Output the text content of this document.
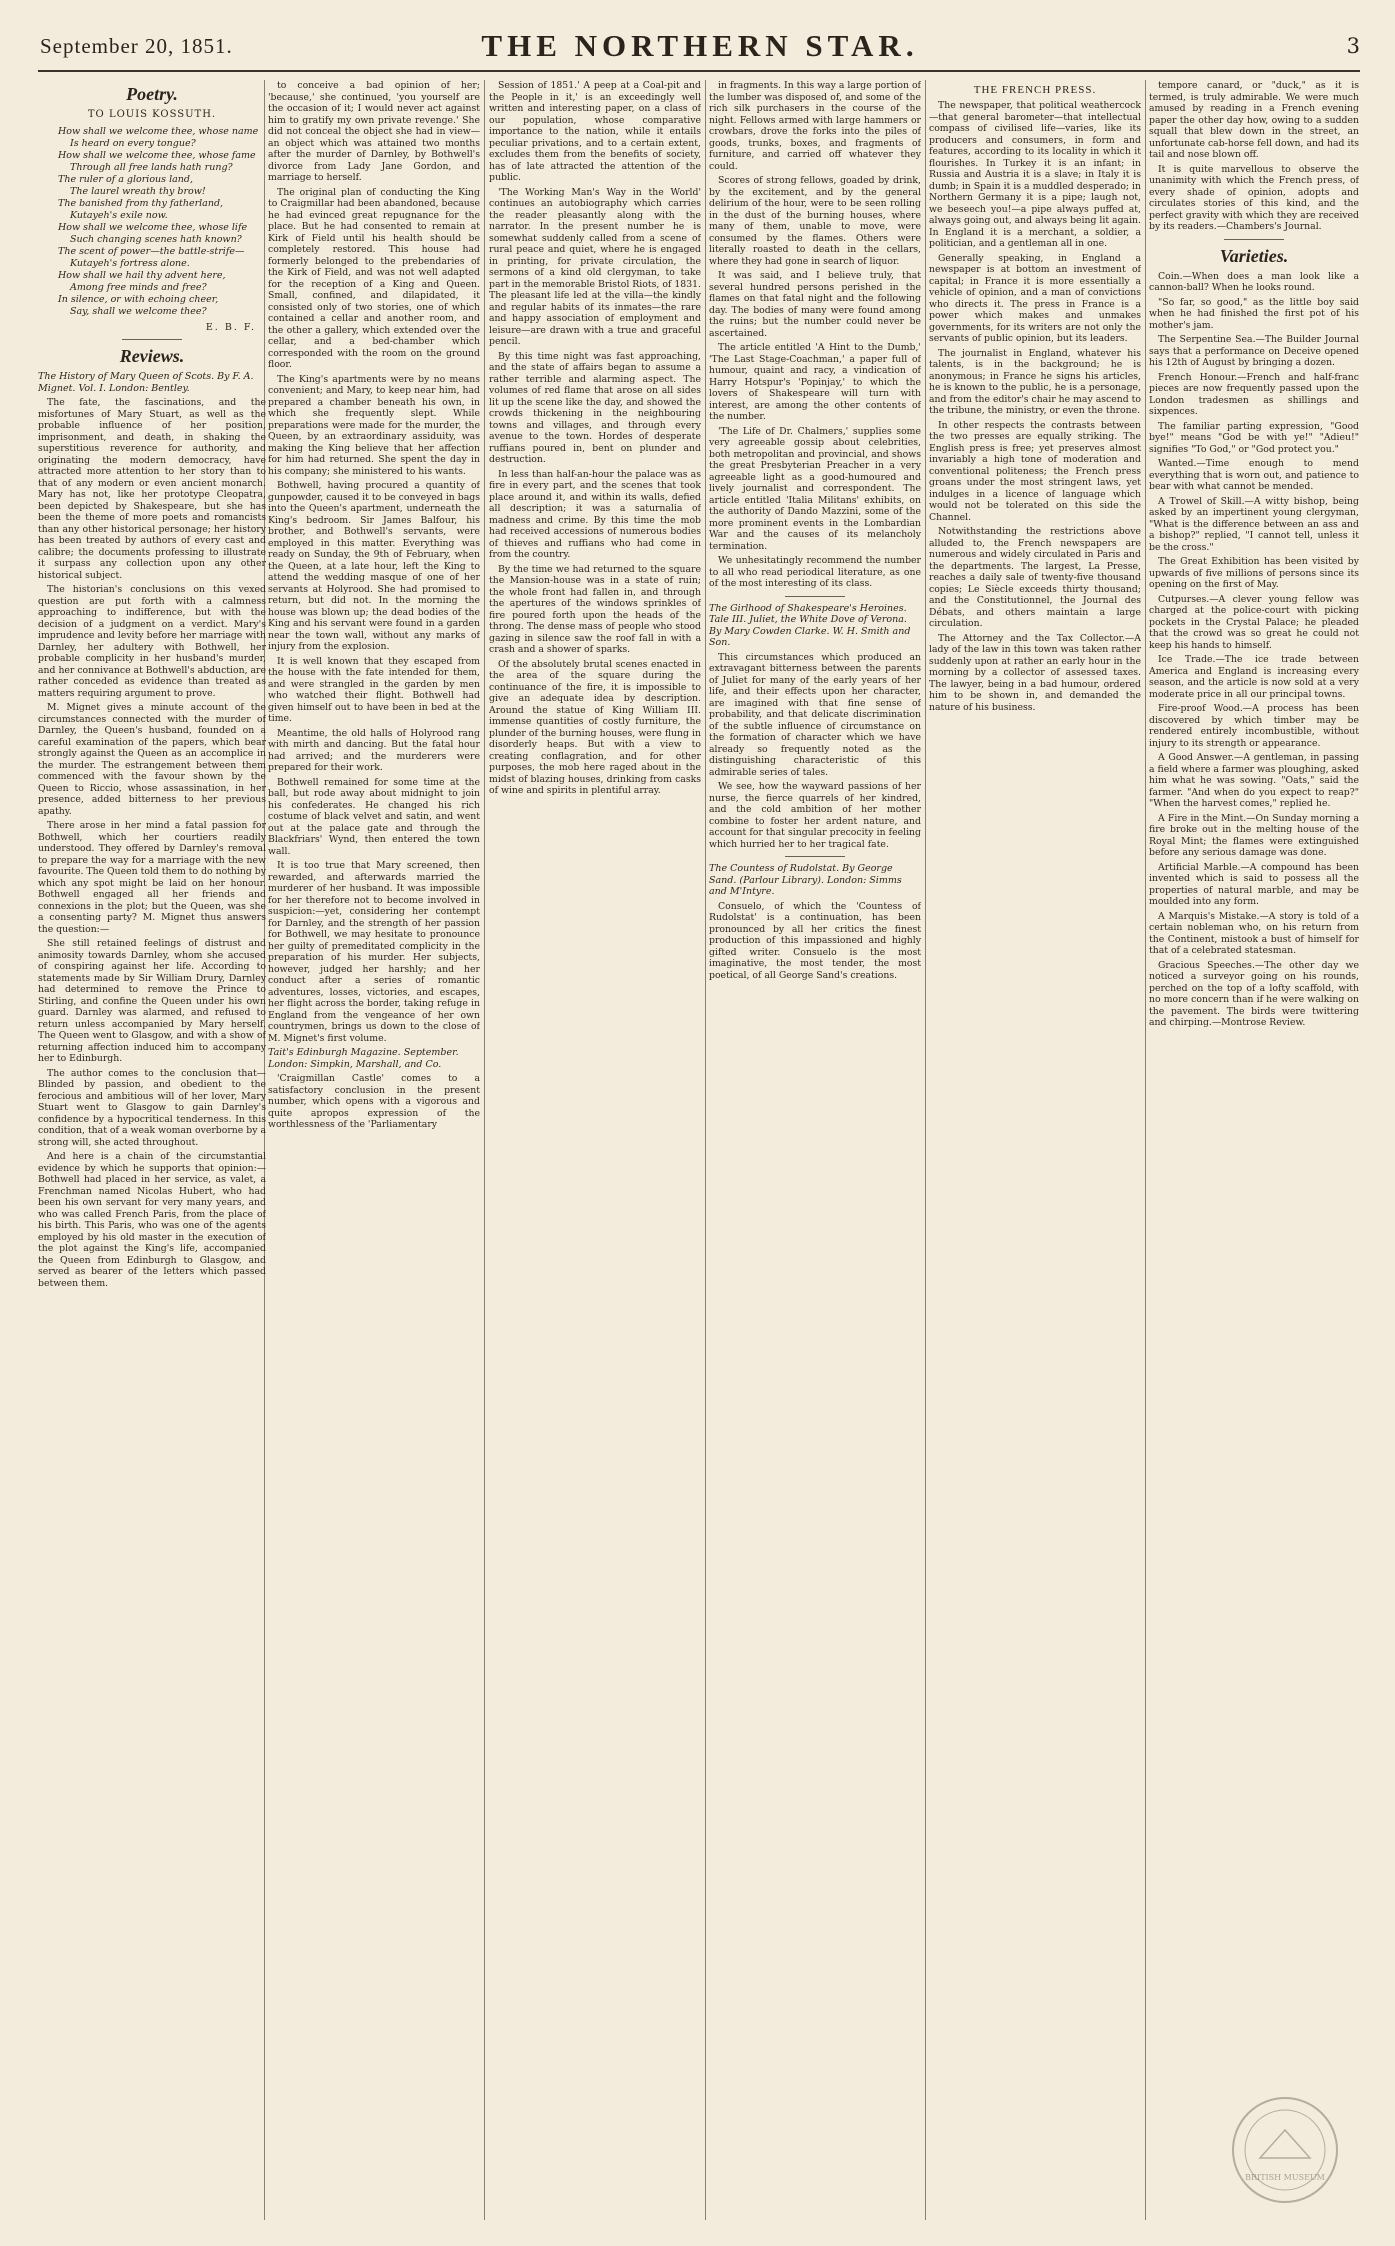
September 20, 1851.	THE NORTHERN STAR.	3
Poetry.
TO LOUIS KOSSUTH.
How shall we welcome thee, whose name
Is heard on every tongue?
How shall we welcome thee, whose fame
Through all free lands hath rung?
The ruler of a glorious land,
The laurel wreath thy brow!
The banished from thy fatherland,
Kutayeh's exile now.
How shall we welcome thee, whose life
Such changing scenes hath known?
The scent of power—the battle-strife—
Kutayeh's fortress alone.
How shall we hail thy advent here,
Among free minds and free?
In silence, or with echoing cheer,
Say, shall we welcome thee?
E. B. F.
Reviews.

The History of Mary Queen of Scots. By F. A. Mignet. Vol. I. London: Bentley.

The fate, the fascinations, and the misfortunes of Mary Stuart, as well as the probable influence of her position, imprisonment, and death, in shaking the superstitious reverence for authority, and originating the modern democracy, have attracted more attention to her story than to that of any modern or even ancient monarch. Mary has not, like her prototype Cleopatra, been depicted by Shakespeare, but she has been the theme of more poets and romancists than any other historical personage; her history has been treated by authors of every cast and calibre; the documents professing to illustrate it surpass any collection upon any other historical subject.

The historian's conclusions on this vexed question are put forth with a calmness approaching to indifference, but with the decision of a judgment on a verdict. Mary's imprudence and levity before her marriage with Darnley, her adultery with Bothwell, her probable complicity in her husband's murder, and her connivance at Bothwell's abduction, are rather conceded as evidence than treated as matters requiring argument to prove.

M. Mignet gives a minute account of the circumstances connected with the murder of Darnley, the Queen's husband, founded on a careful examination of the papers, which bear strongly against the Queen as an accomplice in the murder. The estrangement between them commenced with the favour shown by the Queen to Riccio, whose assassination, in her presence, added bitterness to her previous apathy.

There arose in her mind a fatal passion for Bothwell, which her courtiers readily understood. They offered by Darnley's removal to prepare the way for a marriage with the new favourite. The Queen told them to do nothing by which any spot might be laid on her honour. Bothwell engaged all her friends and connexions in the plot; but the Queen, was she a consenting party? M. Mignet thus answers the question:—

She still retained feelings of distrust and animosity towards Darnley, whom she accused of conspiring against her life. According to statements made by Sir William Drury, Darnley had determined to remove the Prince to Stirling, and confine the Queen under his own guard. Darnley was alarmed, and refused to return unless accompanied by Mary herself. The Queen went to Glasgow, and with a show of returning affection induced him to accompany her to Edinburgh.

The author comes to the conclusion that—Blinded by passion, and obedient to the ferocious and ambitious will of her lover, Mary Stuart went to Glasgow to gain Darnley's confidence by a hypocritical tenderness. In this condition, that of a weak woman overborne by a strong will, she acted throughout.

And here is a chain of the circumstantial evidence by which he supports that opinion:—Bothwell had placed in her service, as valet, a Frenchman named Nicolas Hubert, who had been his own servant for very many years, and who was called French Paris, from the place of his birth. This Paris, who was one of the agents employed by his old master in the execution of the plot against the King's life, accompanied the Queen from Edinburgh to Glasgow, and served as bearer of the letters which passed between them.

to conceive a bad opinion of her; 'because,' she continued, 'you yourself are the occasion of it; I would never act against him to gratify my own private revenge.' She did not conceal the object she had in view—an object which was attained two months after the murder of Darnley, by Bothwell's divorce from Lady Jane Gordon, and marriage to herself.

The original plan of conducting the King to Craigmillar had been abandoned, because he had evinced great repugnance for the place. But he had consented to remain at Kirk of Field until his health should be completely restored. This house had formerly belonged to the prebendaries of the Kirk of Field, and was not well adapted for the reception of a King and Queen. Small, confined, and dilapidated, it consisted only of two stories, one of which contained a cellar and another room, and the other a gallery, which extended over the cellar, and a bed-chamber which corresponded with the room on the ground floor.

The King's apartments were by no means convenient; and Mary, to keep near him, had prepared a chamber beneath his own, in which she frequently slept. While preparations were made for the murder, the Queen, by an extraordinary assiduity, was making the King believe that her affection for him had returned. She spent the day in his company; she ministered to his wants.

Bothwell, having procured a quantity of gunpowder, caused it to be conveyed in bags into the Queen's apartment, underneath the King's bedroom. Sir James Balfour, his brother, and Bothwell's servants, were employed in this matter. Everything was ready on Sunday, the 9th of February, when the Queen, at a late hour, left the King to attend the wedding masque of one of her servants at Holyrood. She had promised to return, but did not. In the morning the house was blown up; the dead bodies of the King and his servant were found in a garden near the town wall, without any marks of injury from the explosion.

It is well known that they escaped from the house with the fate intended for them, and were strangled in the garden by men who watched their flight. Bothwell had given himself out to have been in bed at the time.

Meantime, the old halls of Holyrood rang with mirth and dancing. But the fatal hour had arrived; and the murderers were prepared for their work.

Bothwell remained for some time at the ball, but rode away about midnight to join his confederates. He changed his rich costume of black velvet and satin, and went out at the palace gate and through the Blackfriars' Wynd, then entered the town wall.

It is too true that Mary screened, then rewarded, and afterwards married the murderer of her husband. It was impossible for her therefore not to become involved in suspicion:—yet, considering her contempt for Darnley, and the strength of her passion for Bothwell, we may hesitate to pronounce her guilty of premeditated complicity in the preparation of his murder. Her subjects, however, judged her harshly; and her conduct after a series of romantic adventures, losses, victories, and escapes, her flight across the border, taking refuge in England from the vengeance of her own countrymen, brings us down to the close of M. Mignet's first volume.

Tait's Edinburgh Magazine. September. London: Simpkin, Marshall, and Co.

'Craigmillan Castle' comes to a satisfactory conclusion in the present number, which opens with a vigorous and quite apropos expression of the worthlessness of the 'Parliamentary

Session of 1851.' A peep at a Coal-pit and the People in it,' is an exceedingly well written and interesting paper, on a class of our population, whose comparative importance to the nation, while it entails peculiar privations, and to a certain extent, excludes them from the benefits of society, has of late attracted the attention of the public.

'The Working Man's Way in the World' continues an autobiography which carries the reader pleasantly along with the narrator. In the present number he is somewhat suddenly called from a scene of rural peace and quiet, where he is engaged in printing, for private circulation, the sermons of a kind old clergyman, to take part in the memorable Bristol Riots, of 1831. The pleasant life led at the villa—the kindly and regular habits of its inmates—the rare and happy association of employment and leisure—are drawn with a true and graceful pencil.

By this time night was fast approaching, and the state of affairs began to assume a rather terrible and alarming aspect. The volumes of red flame that arose on all sides lit up the scene like the day, and showed the crowds thickening in the neighbouring towns and villages, and through every avenue to the town. Hordes of desperate ruffians poured in, bent on plunder and destruction.

In less than half-an-hour the palace was as fire in every part, and the scenes that took place around it, and within its walls, defied all description; it was a saturnalia of madness and crime. By this time the mob had received accessions of numerous bodies of thieves and ruffians who had come in from the country.

By the time we had returned to the square the Mansion-house was in a state of ruin; the whole front had fallen in, and through the apertures of the windows sprinkles of fire poured forth upon the heads of the throng. The dense mass of people who stood gazing in silence saw the roof fall in with a crash and a shower of sparks.

Of the absolutely brutal scenes enacted in the area of the square during the continuance of the fire, it is impossible to give an adequate idea by description. Around the statue of King William III. immense quantities of costly furniture, the plunder of the burning houses, were flung in disorderly heaps. But with a view to creating conflagration, and for other purposes, the mob here raged about in the midst of blazing houses, drinking from casks of wine and spirits in plentiful array.

in fragments. In this way a large portion of the lumber was disposed of, and some of the rich silk purchasers in the course of the night. Fellows armed with large hammers or crowbars, drove the forks into the piles of goods, trunks, boxes, and fragments of furniture, and carried off whatever they could.

Scores of strong fellows, goaded by drink, by the excitement, and by the general delirium of the hour, were to be seen rolling in the dust of the burning houses, where many of them, unable to move, were consumed by the flames. Others were literally roasted to death in the cellars, where they had gone in search of liquor.

It was said, and I believe truly, that several hundred persons perished in the flames on that fatal night and the following day. The bodies of many were found among the ruins; but the number could never be ascertained.

The article entitled 'A Hint to the Dumb,' 'The Last Stage-Coachman,' a paper full of humour, quaint and racy, a vindication of Harry Hotspur's 'Popinjay,' to which the lovers of Shakespeare will turn with interest, are among the other contents of the number.

'The Life of Dr. Chalmers,' supplies some very agreeable gossip about celebrities, both metropolitan and provincial, and shows the great Presbyterian Preacher in a very agreeable light as a good-humoured and lively journalist and correspondent. The article entitled 'Italia Militans' exhibits, on the authority of Dando Mazzini, some of the more prominent events in the Lombardian War and the causes of its melancholy termination.

We unhesitatingly recommend the number to all who read periodical literature, as one of the most interesting of its class.

The Girlhood of Shakespeare's Heroines. Tale III. Juliet, the White Dove of Verona. By Mary Cowden Clarke. W. H. Smith and Son.

This circumstances which produced an extravagant bitterness between the parents of Juliet for many of the early years of her life, and their effects upon her character, are imagined with that fine sense of probability, and that delicate discrimination of the subtle influence of circumstance on the formation of character which we have already so frequently noted as the distinguishing characteristic of this admirable series of tales.

We see, how the wayward passions of her nurse, the fierce quarrels of her kindred, and the cold ambition of her mother combine to foster her ardent nature, and account for that singular precocity in feeling which hurried her to her tragical fate.

The Countess of Rudolstat. By George Sand. (Parlour Library). London: Simms and M'Intyre.

Consuelo, of which the 'Countess of Rudolstat' is a continuation, has been pronounced by all her critics the finest production of this impassioned and highly gifted writer. Consuelo is the most imaginative, the most tender, the most poetical, of all George Sand's creations.

THE FRENCH PRESS.

The newspaper, that political weathercock—that general barometer—that intellectual compass of civilised life—varies, like its producers and consumers, in form and features, according to its locality in which it flourishes. In Turkey it is an infant; in Russia and Austria it is a slave; in Italy it is dumb; in Spain it is a muddled desperado; in Northern Germany it is a pipe; laugh not, we beseech you!—a pipe always puffed at, always going out, and always being lit again. In England it is a merchant, a soldier, a politician, and a gentleman all in one.

Generally speaking, in England a newspaper is at bottom an investment of capital; in France it is more essentially a vehicle of opinion, and a man of convictions who directs it. The press in France is a power which makes and unmakes governments, for its writers are not only the servants of public opinion, but its leaders.

The journalist in England, whatever his talents, is in the background; he is anonymous; in France he signs his articles, he is known to the public, he is a personage, and from the editor's chair he may ascend to the tribune, the ministry, or even the throne.

In other respects the contrasts between the two presses are equally striking. The English press is free; yet preserves almost invariably a high tone of moderation and conventional politeness; the French press groans under the most stringent laws, yet indulges in a licence of language which would not be tolerated on this side the Channel.

Notwithstanding the restrictions above alluded to, the French newspapers are numerous and widely circulated in Paris and the departments. The largest, La Presse, reaches a daily sale of twenty-five thousand copies; Le Siècle exceeds thirty thousand; and the Constitutionnel, the Journal des Débats, and others maintain a large circulation.

The Attorney and the Tax Collector.—A lady of the law in this town was taken rather suddenly upon at rather an early hour in the morning by a collector of assessed taxes. The lawyer, being in a bad humour, ordered him to be shown in, and demanded the nature of his business.

tempore canard, or "duck," as it is termed, is truly admirable. We were much amused by reading in a French evening paper the other day how, owing to a sudden squall that blew down in the street, an unfortunate cab-horse fell down, and had its tail and nose blown off.

It is quite marvellous to observe the unanimity with which the French press, of every shade of opinion, adopts and circulates stories of this kind, and the perfect gravity with which they are received by its readers.—Chambers's Journal.

Varieties.

Coin.—When does a man look like a cannon-ball? When he looks round.

"So far, so good," as the little boy said when he had finished the first pot of his mother's jam.

The Serpentine Sea.—The Builder Journal says that a performance on Deceive opened his 12th of August by bringing a dozen.

French Honour.—French and half-franc pieces are now frequently passed upon the London tradesmen as shillings and sixpences.

The familiar parting expression, "Good bye!" means "God be with ye!" "Adieu!" signifies "To God," or "God protect you."

Wanted.—Time enough to mend everything that is worn out, and patience to bear with what cannot be mended.

A Trowel of Skill.—A witty bishop, being asked by an impertinent young clergyman, "What is the difference between an ass and a bishop?" replied, "I cannot tell, unless it be the cross."

The Great Exhibition has been visited by upwards of five millions of persons since its opening on the first of May.

Cutpurses.—A clever young fellow was charged at the police-court with picking pockets in the Crystal Palace; he pleaded that the crowd was so great he could not keep his hands to himself.

Ice Trade.—The ice trade between America and England is increasing every season, and the article is now sold at a very moderate price in all our principal towns.

Fire-proof Wood.—A process has been discovered by which timber may be rendered entirely incombustible, without injury to its strength or appearance.

A Good Answer.—A gentleman, in passing a field where a farmer was ploughing, asked him what he was sowing. "Oats," said the farmer. "And when do you expect to reap?" "When the harvest comes," replied he.

A Fire in the Mint.—On Sunday morning a fire broke out in the melting house of the Royal Mint; the flames were extinguished before any serious damage was done.

Artificial Marble.—A compound has been invented which is said to possess all the properties of natural marble, and may be moulded into any form.

A Marquis's Mistake.—A story is told of a certain nobleman who, on his return from the Continent, mistook a bust of himself for that of a celebrated statesman.

Gracious Speeches.—The other day we noticed a surveyor going on his rounds, perched on the top of a lofty scaffold, with no more concern than if he were walking on the pavement. The birds were twittering and chirping.—Montrose Review.

BRITISH MUSEUM
